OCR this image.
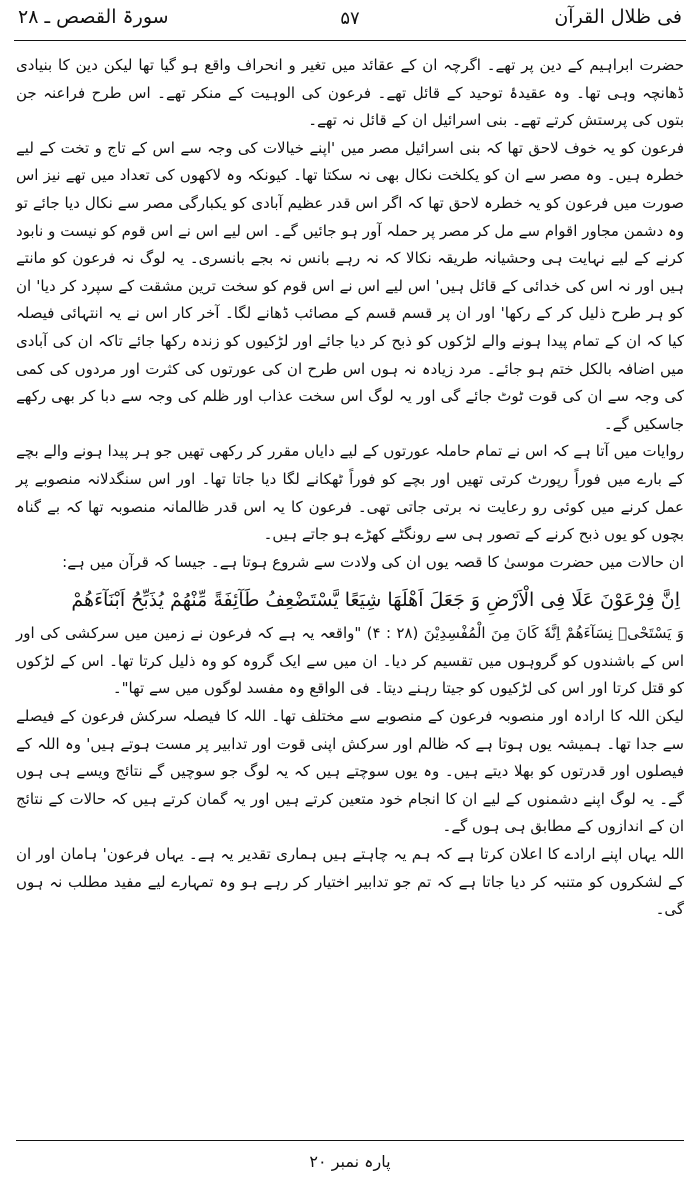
فی ظلال القرآن
۵۷
سورۃ القصص ـ ۲۸

حضرت ابراہیم کے دین پر تھے۔ اگرچہ ان کے عقائد میں تغیر و انحراف واقع ہو گیا تھا لیکن دین کا بنیادی ڈھانچہ وہی تھا۔ وہ عقیدۂ توحید کے قائل تھے۔ فرعون کی الوہیت کے منکر تھے۔ اس طرح فراعنہ جن بتوں کی پرستش کرتے تھے۔ بنی اسرائیل ان کے قائل نہ تھے۔

فرعون کو یہ خوف لاحق تھا کہ بنی اسرائیل مصر میں 'اپنے خیالات کی وجہ سے اس کے تاج و تخت کے لیے خطرہ ہیں۔ وہ مصر سے ان کو یکلخت نکال بھی نہ سکتا تھا۔ کیونکہ وہ لاکھوں کی تعداد میں تھے نیز اس صورت میں فرعون کو یہ خطرہ لاحق تھا کہ اگر اس قدر عظیم آبادی کو یکبارگی مصر سے نکال دیا جائے تو وہ دشمن مجاور اقوام سے مل کر مصر پر حملہ آور ہو جائیں گے۔ اس لیے اس نے اس قوم کو نیست و نابود کرنے کے لیے نہایت ہی وحشیانہ طریقہ نکالا کہ نہ رہے بانس نہ بجے بانسری۔ یہ لوگ نہ فرعون کو مانتے ہیں اور نہ اس کی خدائی کے قائل ہیں' اس لیے اس نے اس قوم کو سخت ترین مشقت کے سپرد کر دیا' ان کو ہر طرح ذلیل کر کے رکھا' اور ان پر قسم قسم کے مصائب ڈھانے لگا۔ آخر کار اس نے یہ انتہائی فیصلہ کیا کہ ان کے تمام پیدا ہونے والے لڑکوں کو ذبح کر دیا جائے اور لڑکیوں کو زندہ رکھا جائے تاکہ ان کی آبادی میں اضافہ بالکل ختم ہو جائے۔ مرد زیادہ نہ ہوں اس طرح ان کی عورتوں کی کثرت اور مردوں کی کمی کی وجہ سے ان کی قوت ٹوٹ جائے گی اور یہ لوگ اس سخت عذاب اور ظلم کی وجہ سے دبا کر بھی رکھے جاسکیں گے۔

روایات میں آتا ہے کہ اس نے تمام حاملہ عورتوں کے لیے دایاں مقرر کر رکھی تھیں جو ہر پیدا ہونے والے بچے کے بارے میں فوراً رپورٹ کرتی تھیں اور بچے کو فوراً ٹھکانے لگا دیا جاتا تھا۔ اور اس سنگدلانہ منصوبے پر عمل کرنے میں کوئی رو رعایت نہ برتی جاتی تھی۔ فرعون کا یہ اس قدر ظالمانہ منصوبہ تھا کہ بے گناہ بچوں کو یوں ذبح کرنے کے تصور ہی سے رونگٹے کھڑے ہو جاتے ہیں۔

ان حالات میں حضرت موسیٰ کا قصہ یوں ان کی ولادت سے شروع ہوتا ہے۔ جیسا کہ قرآن میں ہے:

اِنَّ فِرْعَوْنَ عَلَا فِی الْاَرْضِ وَ جَعَلَ اَهْلَهَا شِیَعًا یَّسْتَضْعِفُ طَآئِفَةً مِّنْهُمْ یُذَبِّحُ اَبْنَآءَهُمْ

وَ یَسْتَحْیٖ نِسَآءَهُمْ اِنَّهٗ كَانَ مِنَ الْمُفْسِدِیْنَ (۲۸ : ۴) "واقعہ یہ ہے کہ فرعون نے زمین میں سرکشی کی اور اس کے باشندوں کو گروہوں میں تقسیم کر دیا۔ ان میں سے ایک گروہ کو وہ ذلیل کرتا تھا۔ اس کے لڑکوں کو قتل کرتا اور اس کی لڑکیوں کو جیتا رہنے دیتا۔ فی الواقع وہ مفسد لوگوں میں سے تھا"۔

لیکن اللہ کا ارادہ اور منصوبہ فرعون کے منصوبے سے مختلف تھا۔ اللہ کا فیصلہ سرکش فرعون کے فیصلے سے جدا تھا۔ ہمیشہ یوں ہوتا ہے کہ ظالم اور سرکش اپنی قوت اور تدابیر پر مست ہوتے ہیں' وہ اللہ کے فیصلوں اور قدرتوں کو بھلا دیتے ہیں۔ وہ یوں سوچتے ہیں کہ یہ لوگ جو سوچیں گے نتائج ویسے ہی ہوں گے۔ یہ لوگ اپنے دشمنوں کے لیے ان کا انجام خود متعین کرتے ہیں اور یہ گمان کرتے ہیں کہ حالات کے نتائج ان کے اندازوں کے مطابق ہی ہوں گے۔

اللہ یہاں اپنے ارادے کا اعلان کرتا ہے کہ ہم یہ چاہتے ہیں ہماری تقدیر یہ ہے۔ یہاں فرعون' ہامان اور ان کے لشکروں کو متنبہ کر دیا جاتا ہے کہ تم جو تدابیر اختیار کر رہے ہو وہ تمہارے لیے مفید مطلب نہ ہوں گی۔

پارہ نمبر ۲۰
